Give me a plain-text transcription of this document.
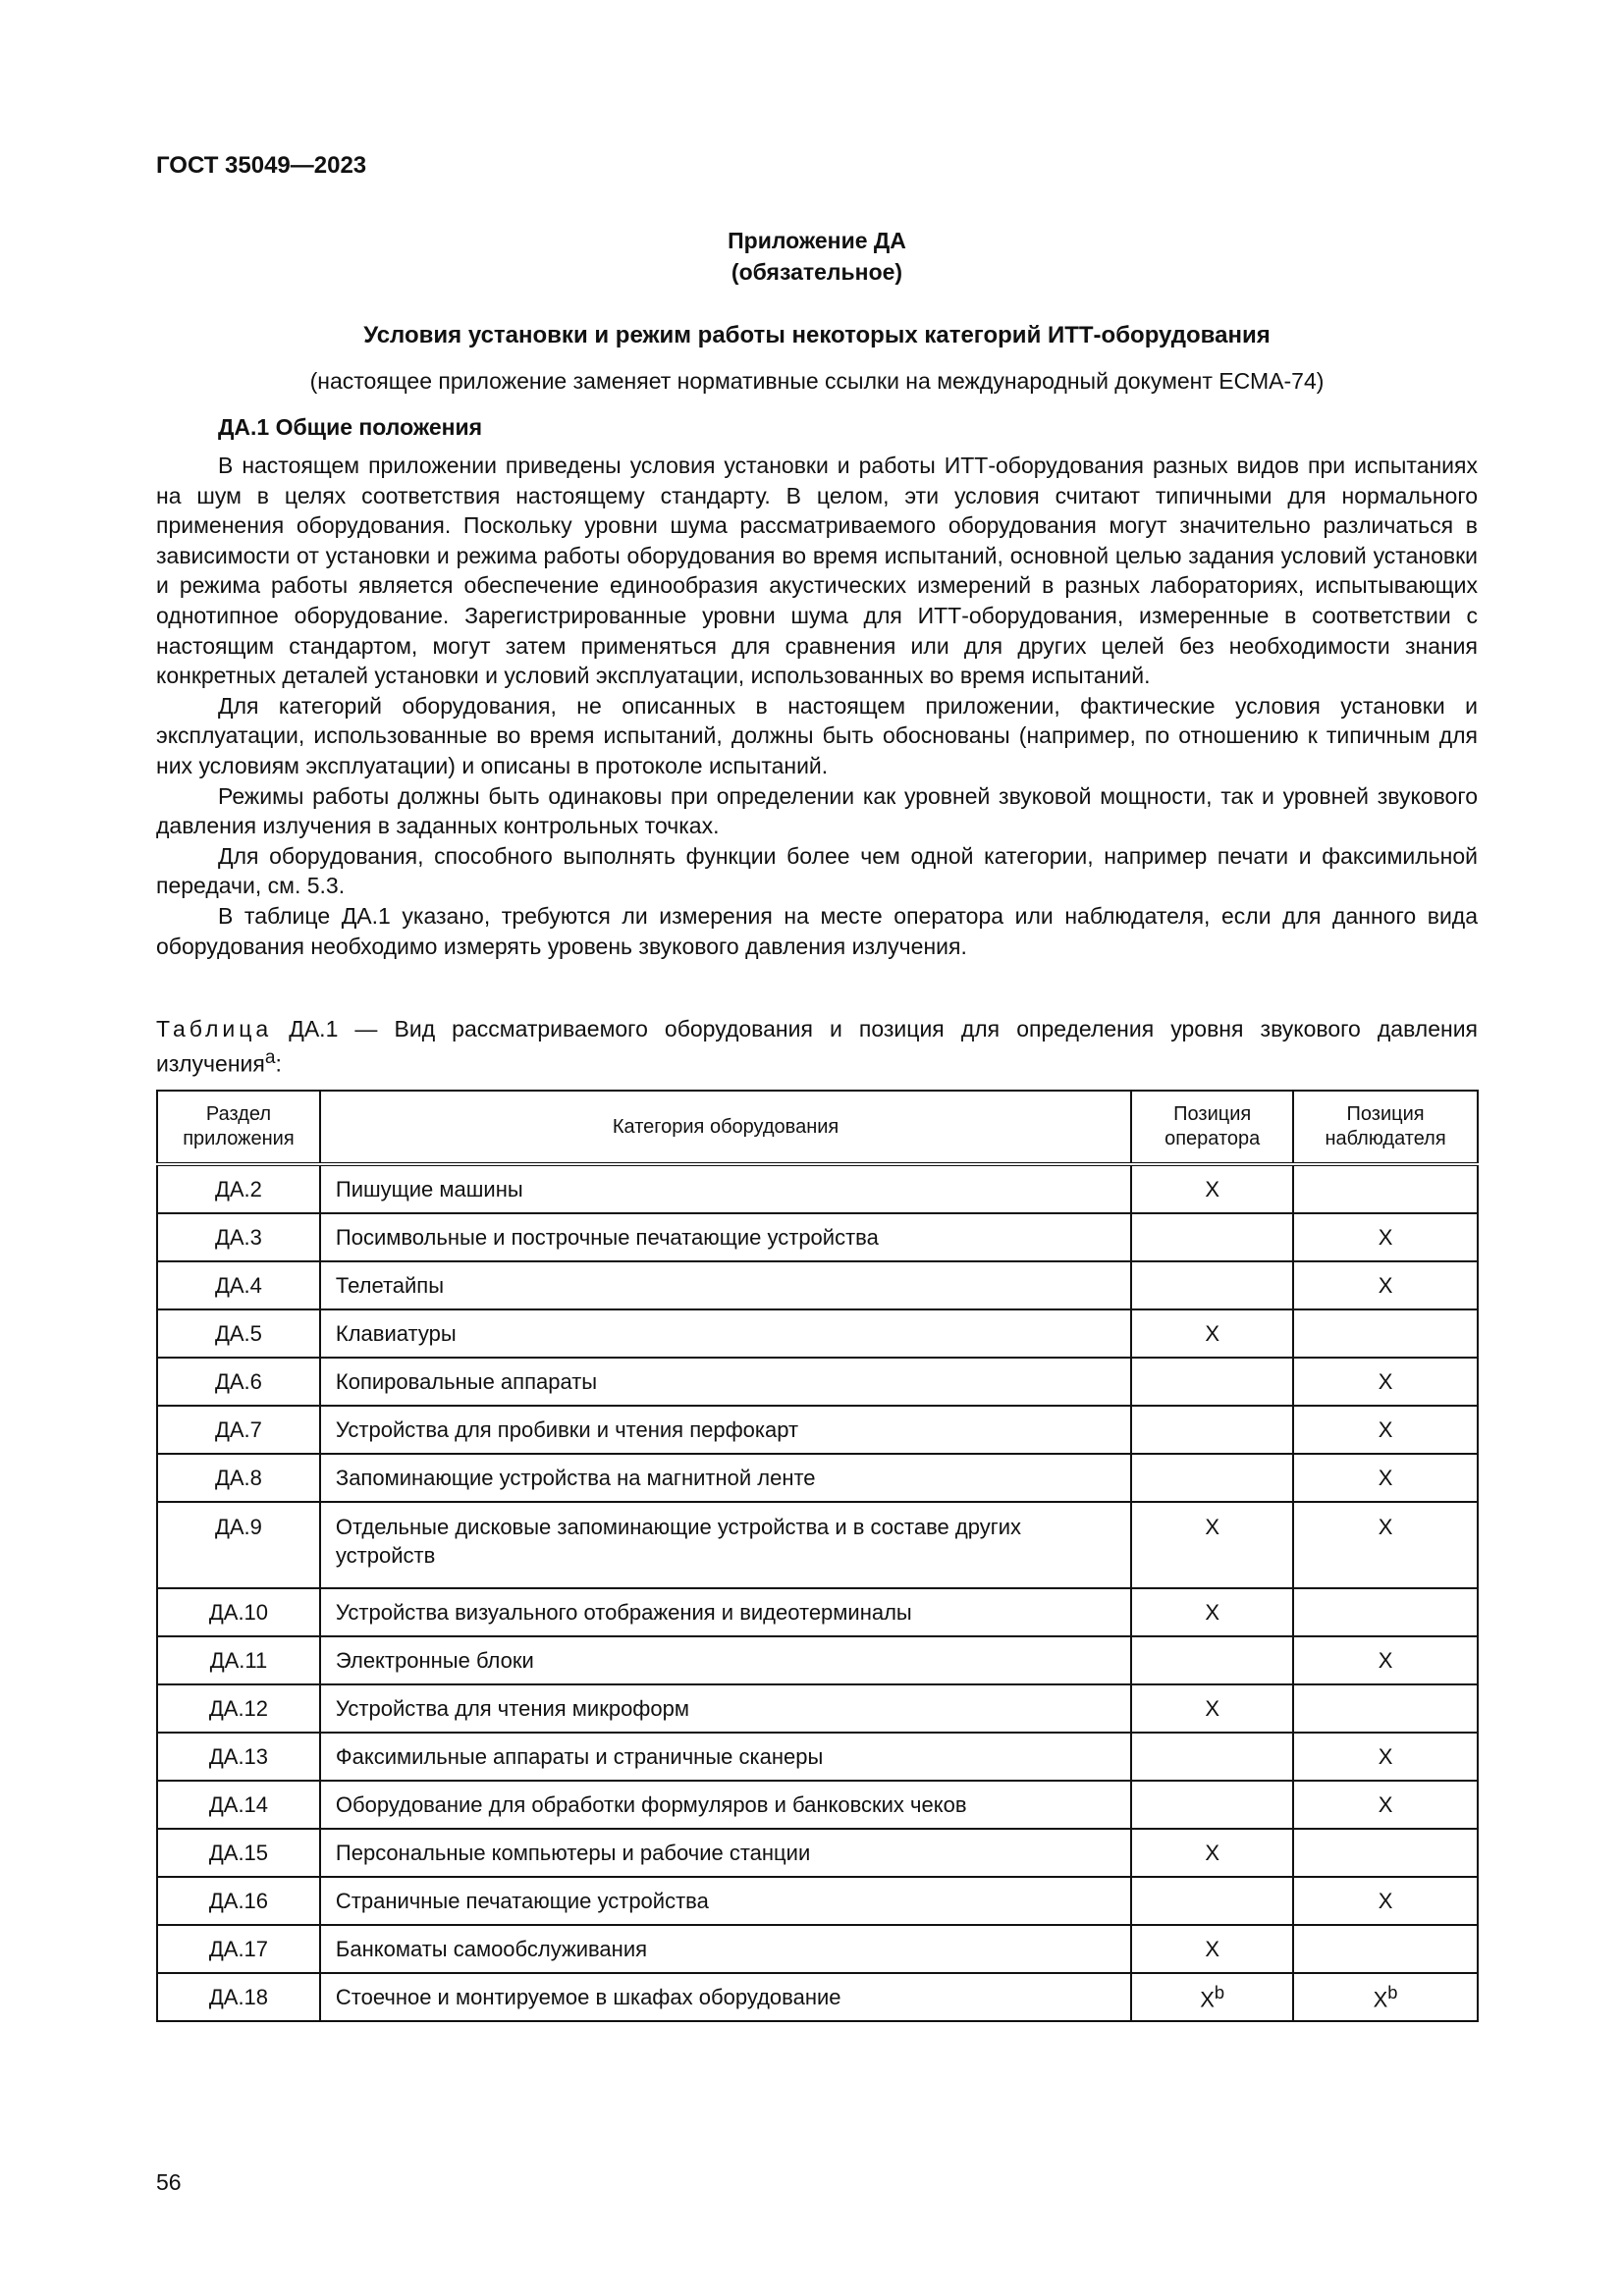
ГОСТ 35049—2023
Приложение ДА
(обязательное)
Условия установки и режим работы некоторых категорий ИТТ-оборудования
(настоящее приложение заменяет нормативные ссылки на международный документ ЕСМА-74)
ДА.1 Общие положения

В настоящем приложении приведены условия установки и работы ИТТ-оборудования разных видов при испытаниях на шум в целях соответствия настоящему стандарту. В целом, эти условия считают типичными для нормального применения оборудования. Поскольку уровни шума рассматриваемого оборудования могут значительно различаться в зависимости от установки и режима работы оборудования во время испытаний, основной целью задания условий установки и режима работы является обеспечение единообразия акустических измерений в разных лабораториях, испытывающих однотипное оборудование. Зарегистрированные уровни шума для ИТТ-оборудования, измеренные в соответствии с настоящим стандартом, могут затем применяться для сравнения или для других целей без необходимости знания конкретных деталей установки и условий эксплуатации, использованных во время испытаний.

Для категорий оборудования, не описанных в настоящем приложении, фактические условия установки и эксплуатации, использованные во время испытаний, должны быть обоснованы (например, по отношению к типичным для них условиям эксплуатации) и описаны в протоколе испытаний.

Режимы работы должны быть одинаковы при определении как уровней звуковой мощности, так и уровней звукового давления излучения в заданных контрольных точках.

Для оборудования, способного выполнять функции более чем одной категории, например печати и факсимильной передачи, см. 5.3.

В таблице ДА.1 указано, требуются ли измерения на месте оператора или наблюдателя, если для данного вида оборудования необходимо измерять уровень звукового давления излучения.

Таблица ДА.1 — Вид рассматриваемого оборудования и позиция для определения уровня звукового давления излучения$^a$:
Раздел приложения	Категория оборудования	Позиция оператора	Позиция наблюдателя
ДА.2	Пишущие машины	X	
ДА.3	Посимвольные и построчные печатающие устройства		X
ДА.4	Телетайпы		X
ДА.5	Клавиатуры	X	
ДА.6	Копировальные аппараты		X
ДА.7	Устройства для пробивки и чтения перфокарт		X
ДА.8	Запоминающие устройства на магнитной ленте		X
ДА.9	Отдельные дисковые запоминающие устройства и в составе других устройств	X	X
ДА.10	Устройства визуального отображения и видеотерминалы	X	
ДА.11	Электронные блоки		X
ДА.12	Устройства для чтения микроформ	X	
ДА.13	Факсимильные аппараты и страничные сканеры		X
ДА.14	Оборудование для обработки формуляров и банковских чеков		X
ДА.15	Персональные компьютеры и рабочие станции	X	
ДА.16	Страничные печатающие устройства		X
ДА.17	Банкоматы самообслуживания	X	
ДА.18	Стоечное и монтируемое в шкафах оборудование	$X^b$	$X^b$
56
